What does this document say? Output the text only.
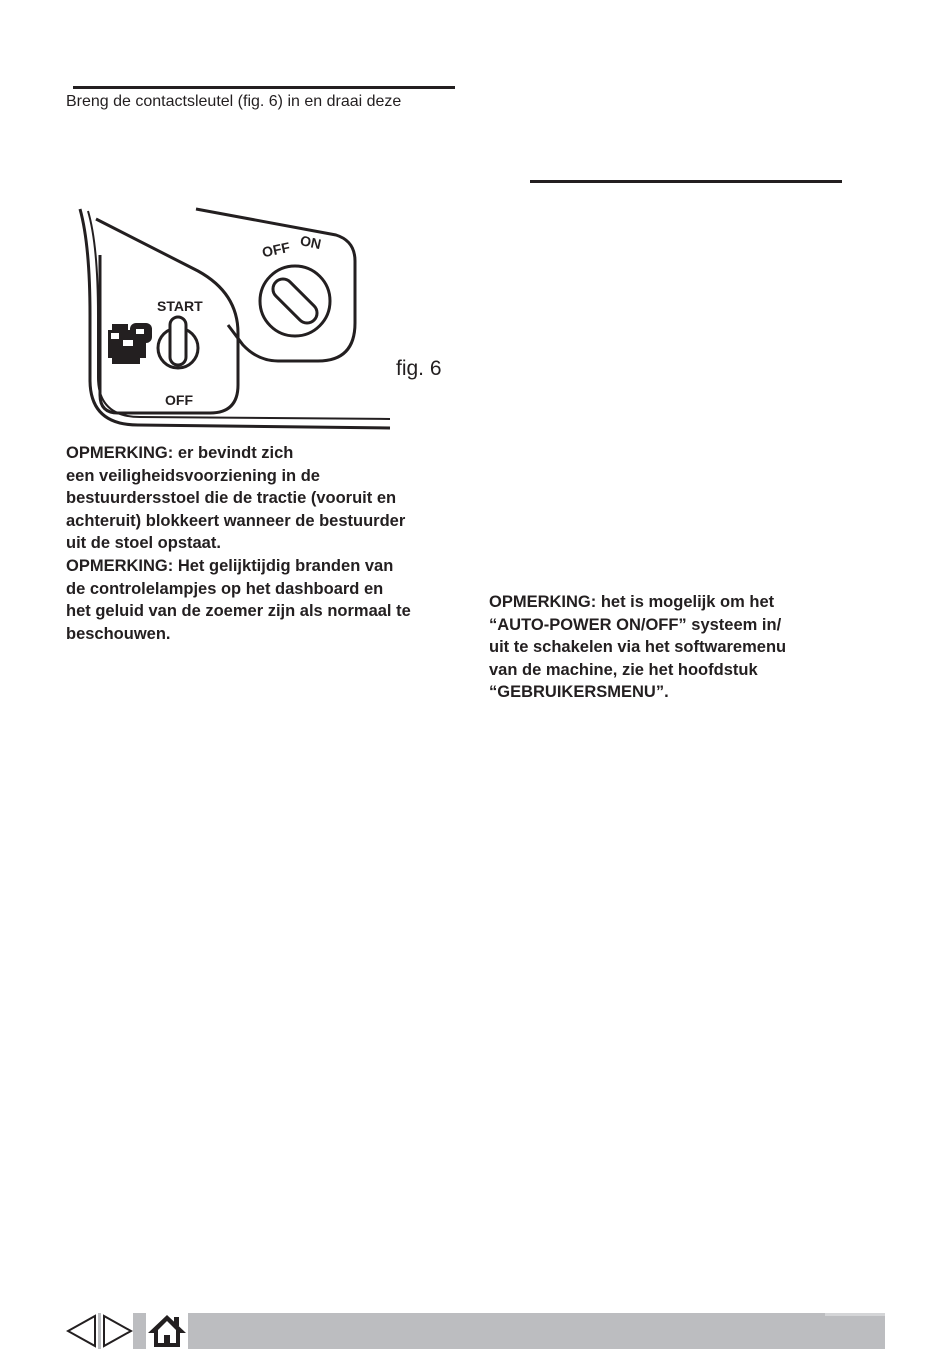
Breng de contactsleutel (fig. 6) in en draai deze
OFF ON
START
OFF
fig. 6

OPMERKING: er bevindt zich
een veiligheidsvoorziening in de
bestuurdersstoel die de tractie (vooruit en
achteruit) blokkeert wanneer de bestuurder
uit de stoel opstaat.

OPMERKING: Het gelijktijdig branden van
de controlelampjes op het dashboard en
het geluid van de zoemer zijn als normaal te
beschouwen.

OPMERKING: het is mogelijk om het
“AUTO-POWER ON/OFF” systeem in/
uit te schakelen via het softwaremenu
van de machine, zie het hoofdstuk
“GEBRUIKERSMENU”.
